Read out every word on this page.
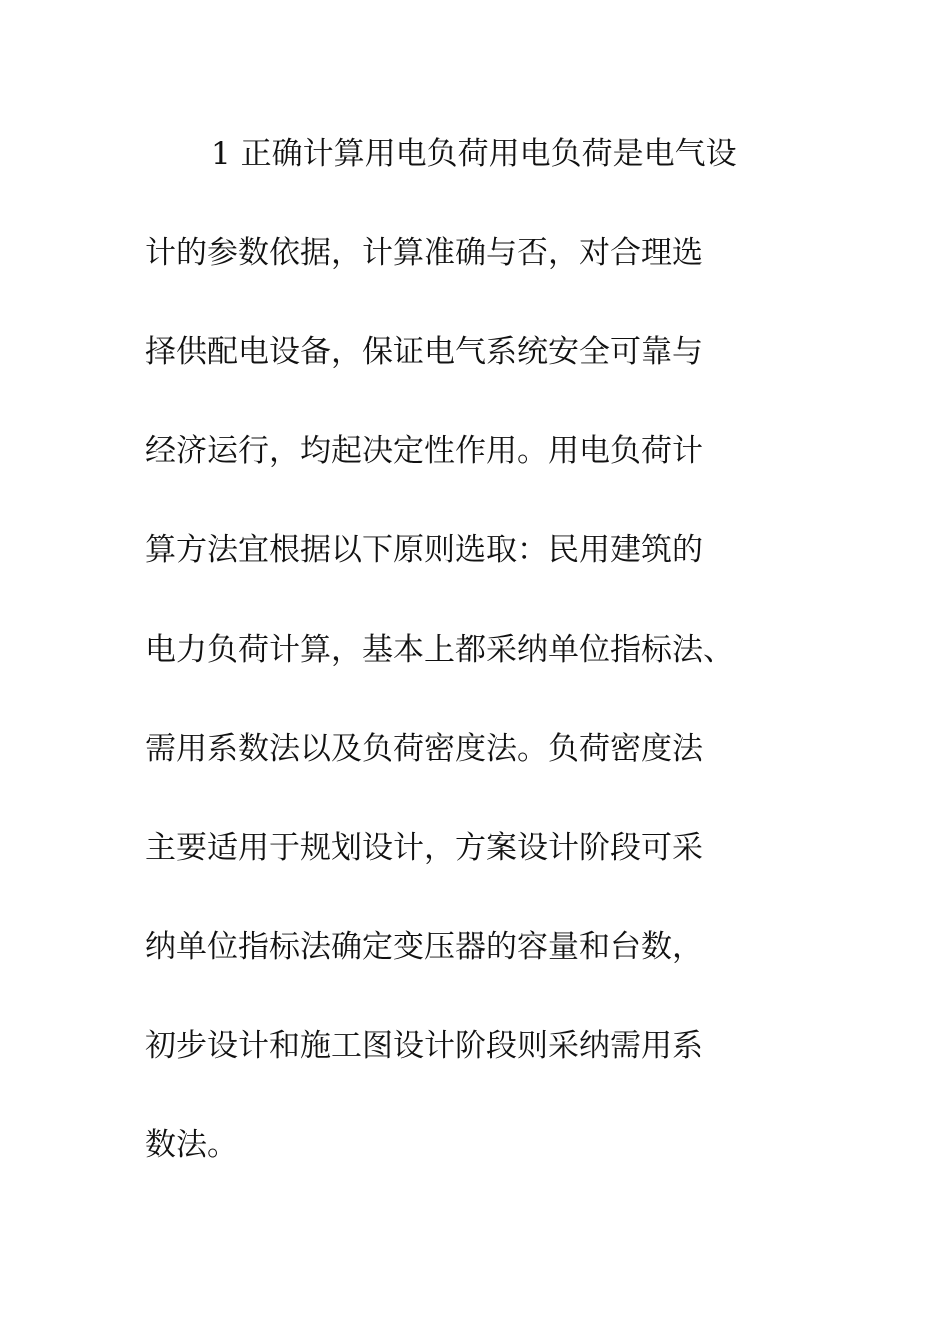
1 正确计算用电负荷用电负荷是电气设
计的参数依据，计算准确与否，对合理选
择供配电设备，保证电气系统安全可靠与
经济运行，均起决定性作用。用电负荷计
算方法宜根据以下原则选取：民用建筑的
电力负荷计算，基本上都采纳单位指标法、
需用系数法以及负荷密度法。负荷密度法
主要适用于规划设计，方案设计阶段可采
纳单位指标法确定变压器的容量和台数，
初步设计和施工图设计阶段则采纳需用系
数法。
